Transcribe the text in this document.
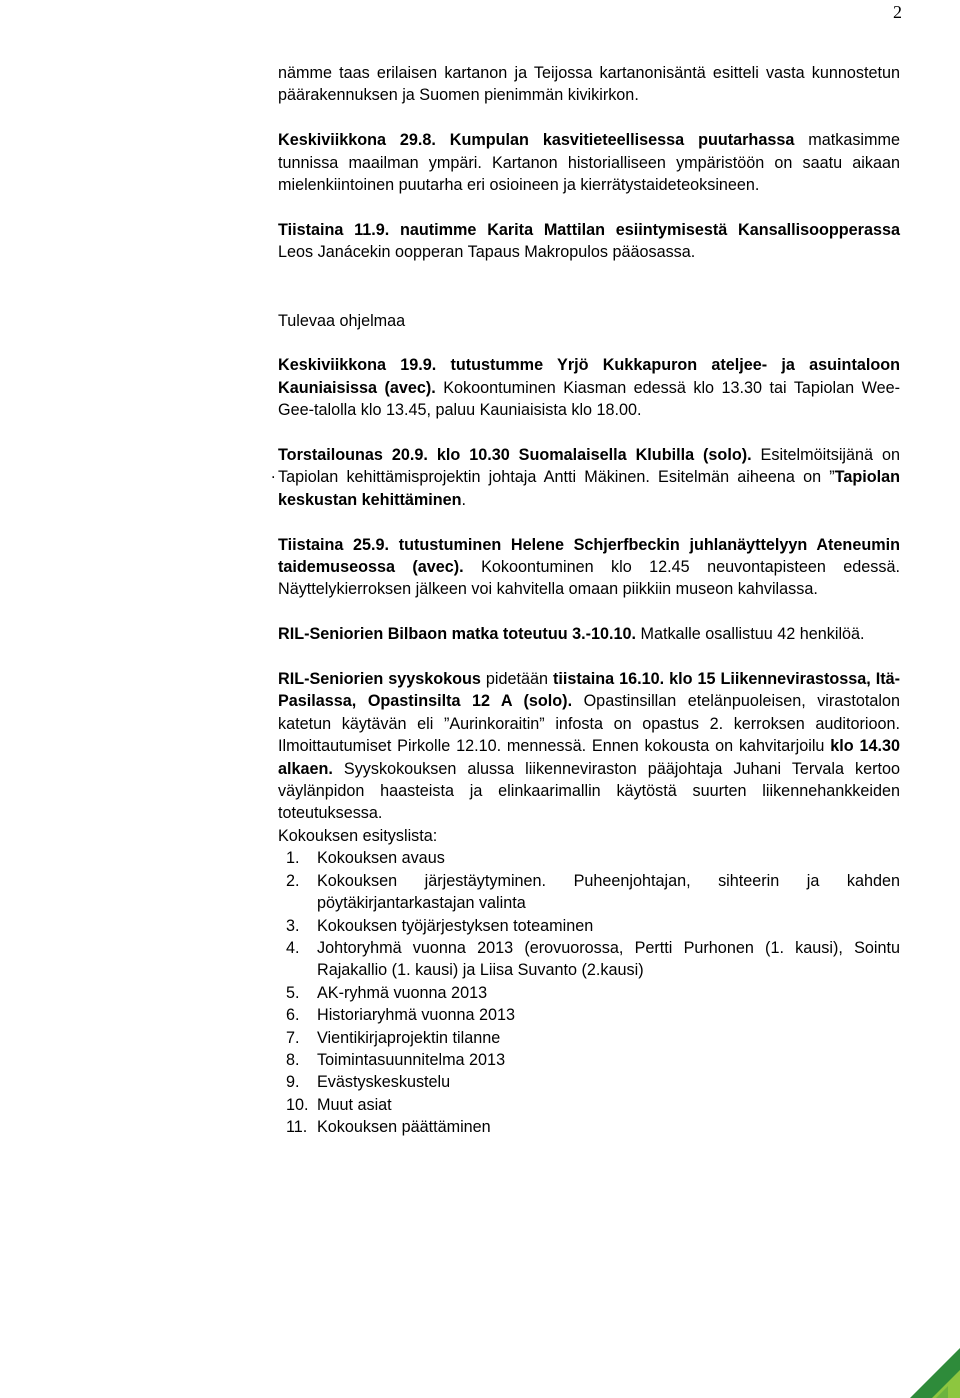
2
.

nämme taas erilaisen kartanon ja Teijossa kartanonisäntä esitteli vasta kunnostetun päärakennuksen ja Suomen pienimmän kivikirkon.

Keskiviikkona 29.8. Kumpulan kasvitieteellisessa puutarhassa matkasimme tunnissa maailman ympäri. Kartanon historialliseen ympäristöön on saatu aikaan mielenkiintoinen puutarha eri osioineen ja kierrätystaideteoksineen.

Tiistaina 11.9. nautimme Karita Mattilan esiintymisestä Kansallisoopperassa Leos Janácekin oopperan Tapaus Makropulos pääosassa.

Tulevaa ohjelmaa

Keskiviikkona 19.9. tutustumme Yrjö Kukkapuron ateljee- ja asuintaloon Kauniaisissa (avec). Kokoontuminen Kiasman edessä klo 13.30 tai Tapiolan Wee-Gee-talolla klo 13.45, paluu Kauniaisista klo 18.00.

Torstailounas 20.9. klo 10.30 Suomalaisella Klubilla (solo). Esitelmöitsijänä on Tapiolan kehittämisprojektin johtaja Antti Mäkinen. Esitelmän aiheena on ”Tapiolan keskustan kehittäminen.

Tiistaina 25.9. tutustuminen Helene Schjerfbeckin juhlanäyttelyyn Ateneumin taidemuseossa (avec). Kokoontuminen klo 12.45 neuvontapisteen edessä. Näyttelykierroksen jälkeen voi kahvitella omaan piikkiin museon kahvilassa.

RIL-Seniorien Bilbaon matka toteutuu 3.-10.10. Matkalle osallistuu 42 henkilöä.

RIL-Seniorien syyskokous pidetään tiistaina 16.10. klo 15 Liikennevirastossa, Itä-Pasilassa, Opastinsilta 12 A (solo). Opastinsillan etelänpuoleisen, virastotalon katetun käytävän eli ”Aurinkoraitin” infosta on opastus 2. kerroksen auditorioon. Ilmoittautumiset Pirkolle 12.10. mennessä. Ennen kokousta on kahvitarjoilu klo 14.30 alkaen. Syyskokouksen alussa liikenneviraston pääjohtaja Juhani Tervala kertoo väylänpidon haasteista ja elinkaarimallin käytöstä suurten liikennehankkeiden toteutuksessa.

Kokouksen esityslista:

1.	Kokouksen avaus
2.	Kokouksen järjestäytyminen. Puheenjohtajan, sihteerin ja kahden pöytäkirjantarkastajan valinta
3.	Kokouksen työjärjestyksen toteaminen
4.	Johtoryhmä vuonna 2013 (erovuorossa, Pertti Purhonen (1. kausi), Sointu Rajakallio (1. kausi) ja Liisa Suvanto (2.kausi)
5.	AK-ryhmä vuonna 2013
6.	Historiaryhmä vuonna 2013
7.	Vientikirjaprojektin tilanne
8.	Toimintasuunnitelma 2013
9.	Evästyskeskustelu
10. Muut asiat
11. Kokouksen päättäminen
